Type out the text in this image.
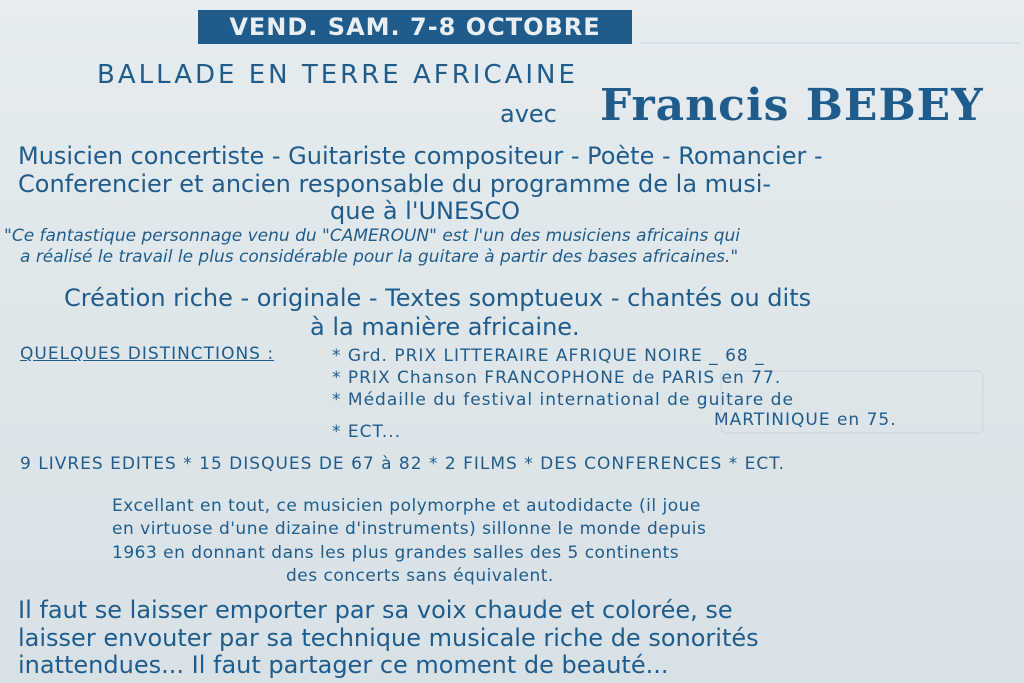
VEND. SAM. 7-8 OCTOBRE
BALLADE EN TERRE AFRICAINE
avec Francis BEBEY
Musicien concertiste - Guitariste compositeur - Poète - Romancier -
Conferencier et ancien responsable du programme de la musi-
que à l'UNESCO
"Ce fantastique personnage venu du "CAMEROUN" est l'un des musiciens africains qui
a réalisé le travail le plus considérable pour la guitare à partir des bases africaines."
Création riche - originale - Textes somptueux - chantés ou dits
à la manière africaine.
QUELQUES DISTINCTIONS :	* Grd. PRIX LITTERAIRE AFRIQUE NOIRE _ 68 _
* PRIX Chanson FRANCOPHONE de PARIS en 77.
* Médaille du festival international de guitare de
MARTINIQUE en 75.
* ECT...
9 LIVRES EDITES * 15 DISQUES DE 67 à 82 * 2 FILMS * DES CONFERENCES * ECT.
Excellant en tout, ce musicien polymorphe et autodidacte (il joue
en virtuose d'une dizaine d'instruments) sillonne le monde depuis
1963 en donnant dans les plus grandes salles des 5 continents
des concerts sans équivalent.
Il faut se laisser emporter par sa voix chaude et colorée, se
laisser envouter par sa technique musicale riche de sonorités
inattendues... Il faut partager ce moment de beauté...
